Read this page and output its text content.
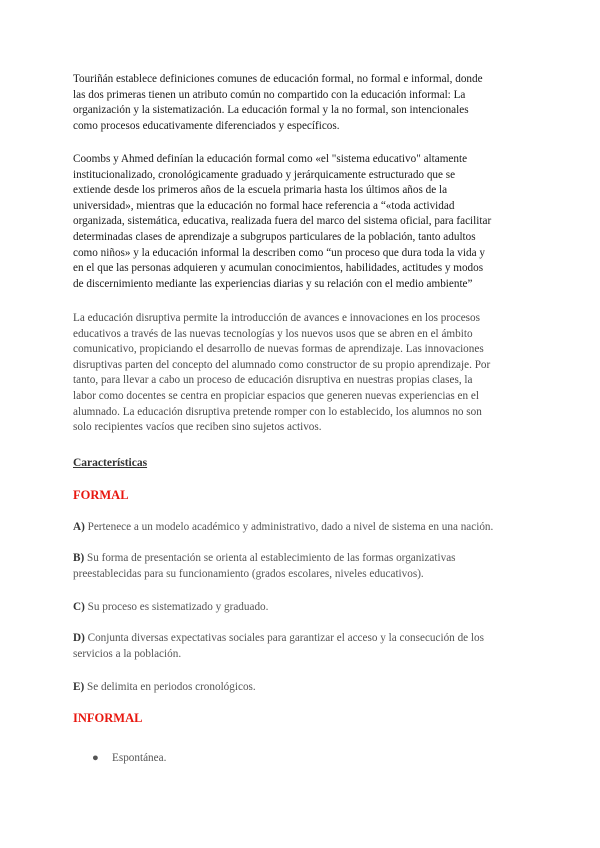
Touriñán establece definiciones comunes de educación formal, no formal e informal, donde
las dos primeras tienen un atributo común no compartido con la educación informal: La
organización y la sistematización. La educación formal y la no formal, son intencionales
como procesos educativamente diferenciados y específicos.
Coombs y Ahmed definían la educación formal como «el "sistema educativo" altamente
institucionalizado, cronológicamente graduado y jerárquicamente estructurado que se
extiende desde los primeros años de la escuela primaria hasta los últimos años de la
universidad», mientras que la educación no formal hace referencia a “«toda actividad
organizada, sistemática, educativa, realizada fuera del marco del sistema oficial, para facilitar
determinadas clases de aprendizaje a subgrupos particulares de la población, tanto adultos
como niños» y la educación informal la describen como “un proceso que dura toda la vida y
en el que las personas adquieren y acumulan conocimientos, habilidades, actitudes y modos
de discernimiento mediante las experiencias diarias y su relación con el medio ambiente”
La educación disruptiva permite la introducción de avances e innovaciones en los procesos
educativos a través de las nuevas tecnologías y los nuevos usos que se abren en el ámbito
comunicativo, propiciando el desarrollo de nuevas formas de aprendizaje. Las innovaciones
disruptivas parten del concepto del alumnado como constructor de su propio aprendizaje. Por
tanto, para llevar a cabo un proceso de educación disruptiva en nuestras propias clases, la
labor como docentes se centra en propiciar espacios que generen nuevas experiencias en el
alumnado. La educación disruptiva pretende romper con lo establecido, los alumnos no son
solo recipientes vacíos que reciben sino sujetos activos.
Características
FORMAL
A) Pertenece a un modelo académico y administrativo, dado a nivel de sistema en una nación.
B) Su forma de presentación se orienta al establecimiento de las formas organizativas
preestablecidas para su funcionamiento (grados escolares, niveles educativos).
C) Su proceso es sistematizado y graduado.
D) Conjunta diversas expectativas sociales para garantizar el acceso y la consecución de los
servicios a la población.
E) Se delimita en periodos cronológicos.
INFORMAL
● Espontánea.
